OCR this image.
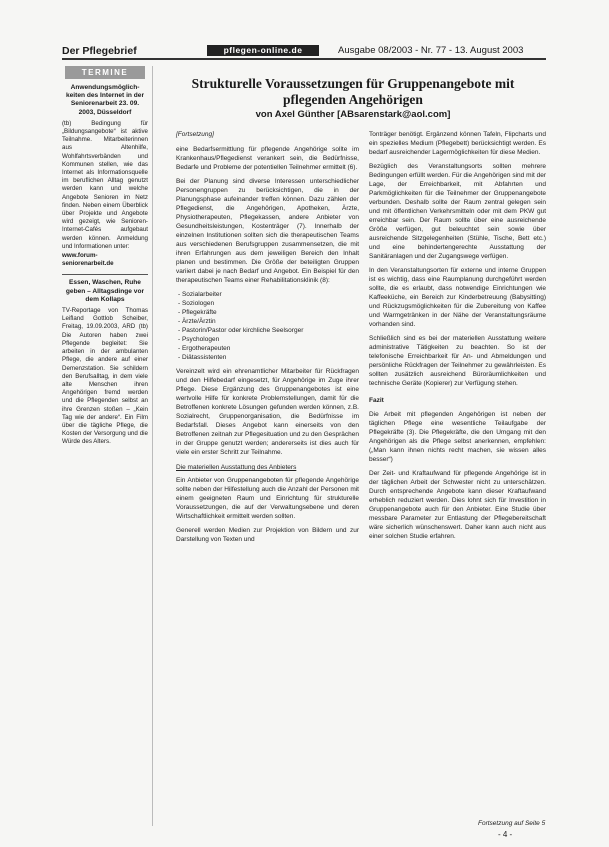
Der Pflegebrief	pflegen-online.de	Ausgabe 08/2003 - Nr. 77 - 13. August 2003
TERMINE
Anwendungsmöglich-keiten des Internet in der Seniorenarbeit 23. 09. 2003, Düsseldorf
(tb) Bedingung für „Bildungsangebote“ ist aktive Teilnahme. Mitarbeiterinnen aus Altenhilfe, Wohlfahrtsverbänden und Kommunen stellen, wie das Internet als Informationsquelle im beruflichen Alltag genutzt werden kann und welche Angebote Senioren im Netz finden. Neben einem Überblick über Projekte und Angebote wird gezeigt, wie Senioren-Internet-Cafés aufgebaut werden können. Anmeldung und Informationen unter:
www.forum-seniorenarbeit.de
Essen, Waschen, Ruhe geben – Alltagsdinge vor dem Kollaps
TV-Reportage von Thomas Leifland Gottlob Scheiber, Freitag, 19.09.2003, ARD (tb) Die Autoren haben zwei Pflegende begleitet: Sie arbeiten in der ambulanten Pflege, die andere auf einer Demenzstation. Sie schildern den Berufsalltag, in dem viele alte Menschen ihren Angehörigen fremd werden und die Pflegenden selbst an ihre Grenzen stoßen – „Kein Tag wie der andere“. Ein Film über die tägliche Pflege, die Kosten der Versorgung und die Würde des Alters.
Strukturelle Voraussetzungen für Gruppenangebote mit pflegenden Angehörigen
von Axel Günther [ABsarenstark@aol.com]

[Fortsetzung]

eine Bedarfsermittlung für pflegende Angehörige sollte im Krankenhaus/Pflegedienst verankert sein, die Bedürfnisse, Bedarfe und Probleme der potentiellen Teilnehmer ermittelt (6).

Bei der Planung sind diverse Interessen unterschiedlicher Personengruppen zu berücksichtigen, die in der Planungsphase aufeinander treffen können. Dazu zählen der Pflegedienst, die Angehörigen, Apotheken, Ärzte, Physiotherapeuten, Pflegekassen, andere Anbieter von Gesundheitsleistungen, Kostenträger (7). Innerhalb der einzelnen Institutionen sollten sich die therapeutischen Teams aus verschiedenen Berufsgruppen zusammensetzen, die mit ihren Erfahrungen aus dem jeweiligen Bereich den Inhalt planen und bestimmen. Die Größe der beteiligten Gruppen variiert dabei je nach Bedarf und Angebot. Ein Beispiel für den therapeutischen Teams einer Rehabilitationsklinik (8):

- Sozialarbeiter
- Soziologen
- Pflegekräfte
- Ärzte/Ärztin
- Pastorin/Pastor oder kirchliche Seelsorger
- Psychologen
- Ergotherapeuten
- Diätassistenten

Vereinzelt wird ein ehrenamtlicher Mitarbeiter für Rückfragen und den Hilfebedarf eingesetzt, für Angehörige im Zuge ihrer Pflege. Diese Ergänzung des Gruppenangebotes ist eine wertvolle Hilfe für konkrete Problemstellungen, damit für die Betroffenen konkrete Lösungen gefunden werden können, z.B. Sozialrecht, Gruppenorganisation, die Bedürfnisse im Bedarfsfall. Dieses Angebot kann einerseits von den Betroffenen zeitnah zur Pflegesituation und zu den Gesprächen in der Gruppe genutzt werden; andererseits ist dies auch für viele ein erster Schritt zur Teilnahme.

Die materiellen Ausstattung des Anbieters

Ein Anbieter von Gruppenangeboten für pflegende Angehörige sollte neben der Hilfestellung auch die Anzahl der Personen mit einem geeigneten Raum und Einrichtung für strukturelle Voraussetzungen, die auf der Verwaltungsebene und deren Wirtschaftlichkeit ermittelt werden sollten.

Generell werden Medien zur Projektion von Bildern und zur Darstellung von Texten und

Tonträger benötigt. Ergänzend können Tafeln, Flipcharts und ein spezielles Medium (Pflegebett) berücksichtigt werden. Es bedarf ausreichender Lagermöglichkeiten für diese Medien.

Bezüglich des Veranstaltungsorts sollten mehrere Bedingungen erfüllt werden. Für die Angehörigen sind mit der Lage, der Erreichbarkeit, mit Abfahrten und Parkmöglichkeiten für die Teilnehmer der Gruppenangebote verbunden. Deshalb sollte der Raum zentral gelegen sein und mit öffentlichen Verkehrsmitteln oder mit dem PKW gut erreichbar sein. Der Raum sollte über eine ausreichende Größe verfügen, gut beleuchtet sein sowie über ausreichende Sitzgelegenheiten (Stühle, Tische, Bett etc.) und eine behindertengerechte Ausstattung der Sanitäranlagen und der Zugangswege verfügen.

In den Veranstaltungsorten für externe und interne Gruppen ist es wichtig, dass eine Raumplanung durchgeführt werden sollte, die es erlaubt, dass notwendige Einrichtungen wie Kaffeeküche, ein Bereich zur Kinderbetreuung (Babysitting) und Rückzugsmöglichkeiten für die Zubereitung von Kaffee und Warmgetränken in der Nähe der Veranstaltungsräume vorhanden sind.

Schließlich sind es bei der materiellen Ausstattung weitere administrative Tätigkeiten zu beachten. So ist der telefonische Erreichbarkeit für An- und Abmeldungen und persönliche Rückfragen der Teilnehmer zu gewährleisten. Es sollten zusätzlich ausreichend Büroräumlichkeiten und technische Geräte (Kopierer) zur Verfügung stehen.

Fazit

Die Arbeit mit pflegenden Angehörigen ist neben der täglichen Pflege eine wesentliche Teilaufgabe der Pflegekräfte (3). Die Pflegekräfte, die den Umgang mit den Angehörigen als die Pflege selbst anerkennen, empfehlen: („Man kann ihnen nichts recht machen, sie wissen alles besser“)

Der Zeit- und Kraftaufwand für pflegende Angehörige ist in der täglichen Arbeit der Schwester nicht zu unterschätzen. Durch entsprechende Angebote kann dieser Kraftaufwand erheblich reduziert werden. Dies lohnt sich für Investition in Gruppenangebote auch für den Anbieter. Eine Studie über messbare Parameter zur Entlastung der Pflegebereitschaft wäre sicherlich wünschenswert. Daher kann auch nicht aus einer solchen Studie erfahren.

Fortsetzung auf Seite 5
- 4 -
